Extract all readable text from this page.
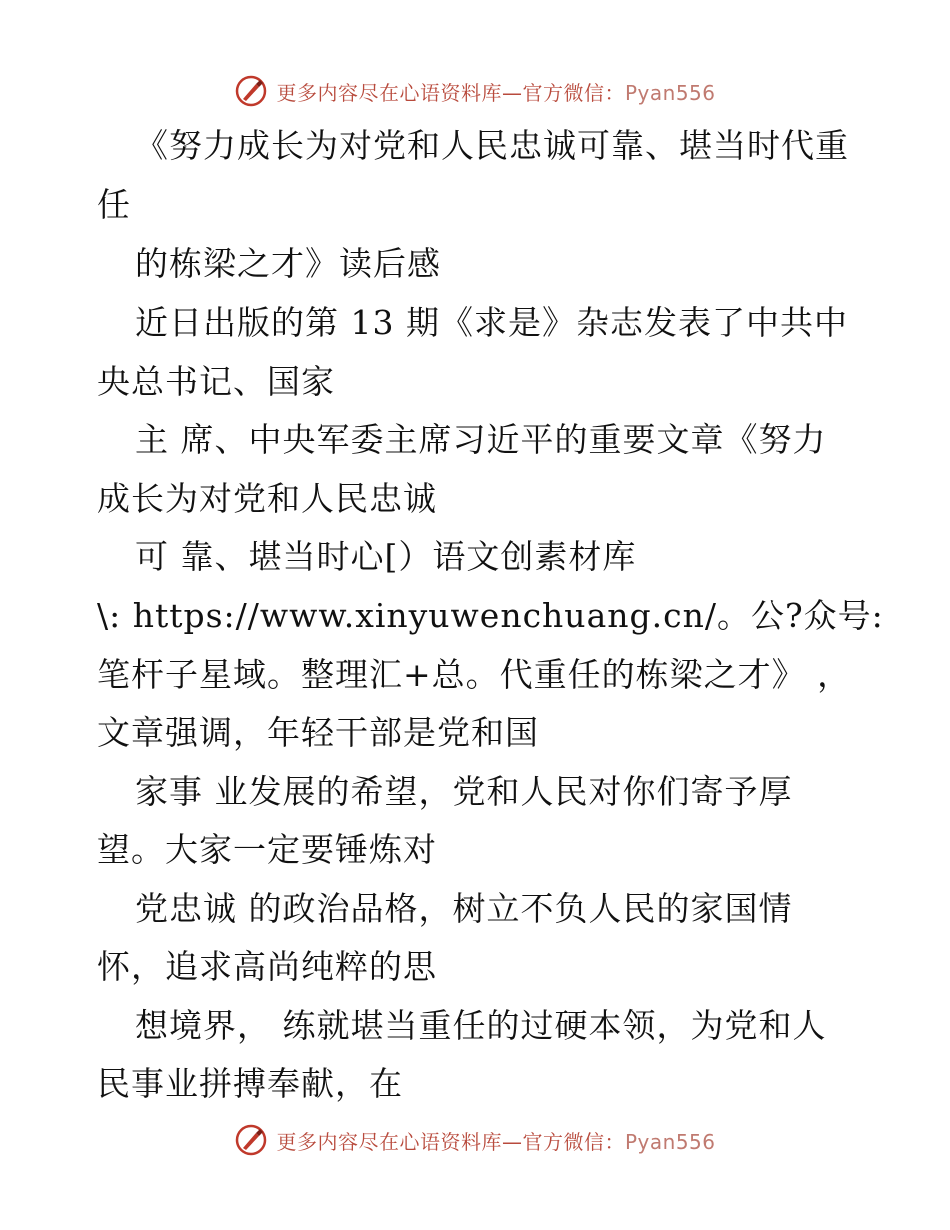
更多内容尽在心语资料库—官方微信：Pyan556
《努力成长为对党和人民忠诚可靠、堪当时代重
任
的栋梁之才》读后感
近日出版的第 13 期《求是》杂志发表了中共中
央总书记、国家
主 席、中央军委主席习近平的重要文章《努力
成长为对党和人民忠诚
可 靠、堪当时心[）语文创素材库
\: https://www.xinyuwenchuang.cn/。公?众号:
笔杆子星域。整理汇+总。代重任的栋梁之才》 ，
文章强调，年轻干部是党和国
家事 业发展的希望，党和人民对你们寄予厚
望。大家一定要锤炼对
党忠诚 的政治品格，树立不负人民的家国情
怀，追求高尚纯粹的思
想境界， 练就堪当重任的过硬本领，为党和人
民事业拼搏奉献，在
更多内容尽在心语资料库—官方微信：Pyan556
